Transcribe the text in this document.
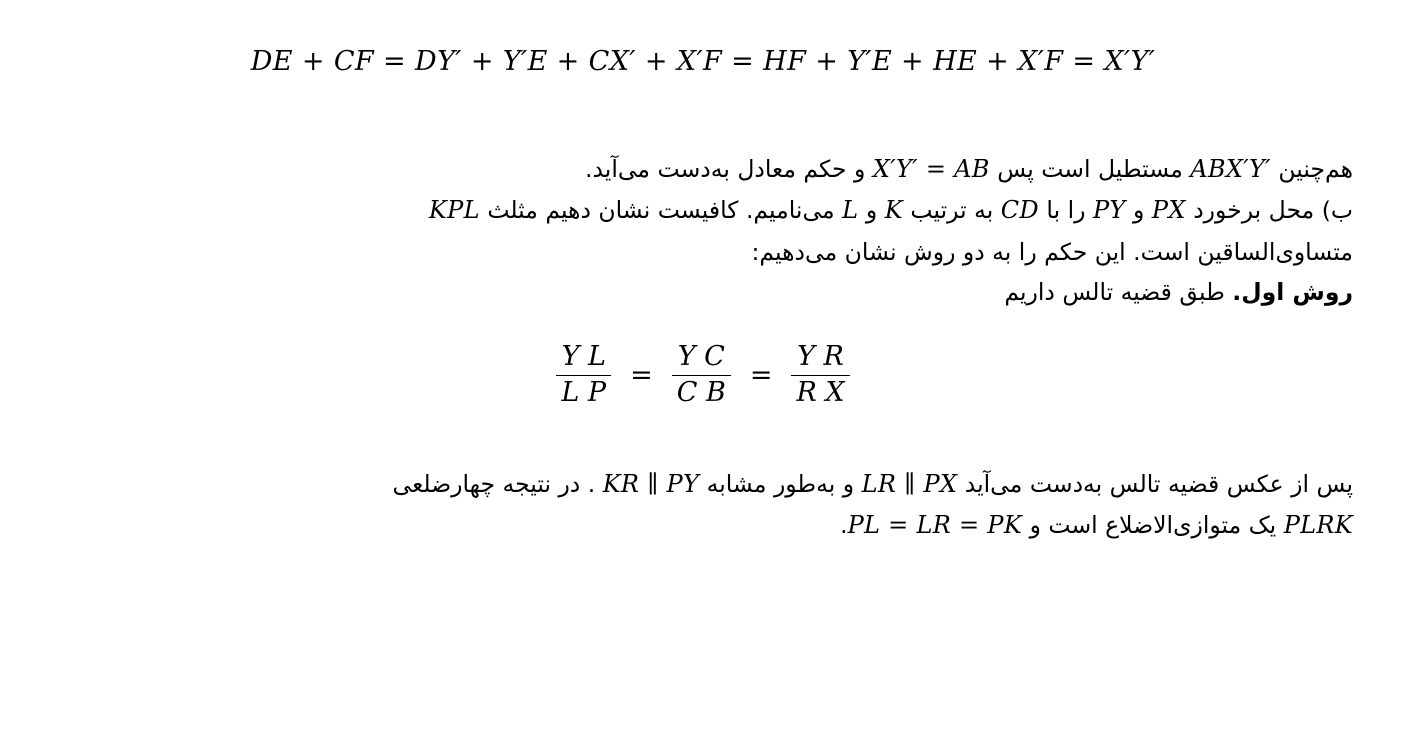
DE + CF = DY′ + Y′E + CX′ + X′F = HF + Y′E + HE + X′F = X′Y′
هم‌چنین ABX′Y′ مستطیل است پس X′Y′ = AB و حکم معادل به‌دست می‌آید.
ب) محل برخورد PX و PY را با CD به ترتیب K و L می‌نامیم. کافیست نشان دهیم مثلث KPL
متساوی‌الساقین است. این حکم را به دو روش نشان می‌دهیم:
روش اول. طبق قضیه تالس داریم
$\frac{\text{Y L}}{\text{L P}} = \frac{\text{Y C}}{\text{C B}} = \frac{\text{Y R}}{\text{R X}}$
پس از عکس قضیه تالس به‌دست می‌آید LR ∥ PX و به‌طور مشابه KR ∥ PY . در نتیجه چهارضلعی
PLRK یک متوازی‌الاضلاع است و PL = LR = PK.
